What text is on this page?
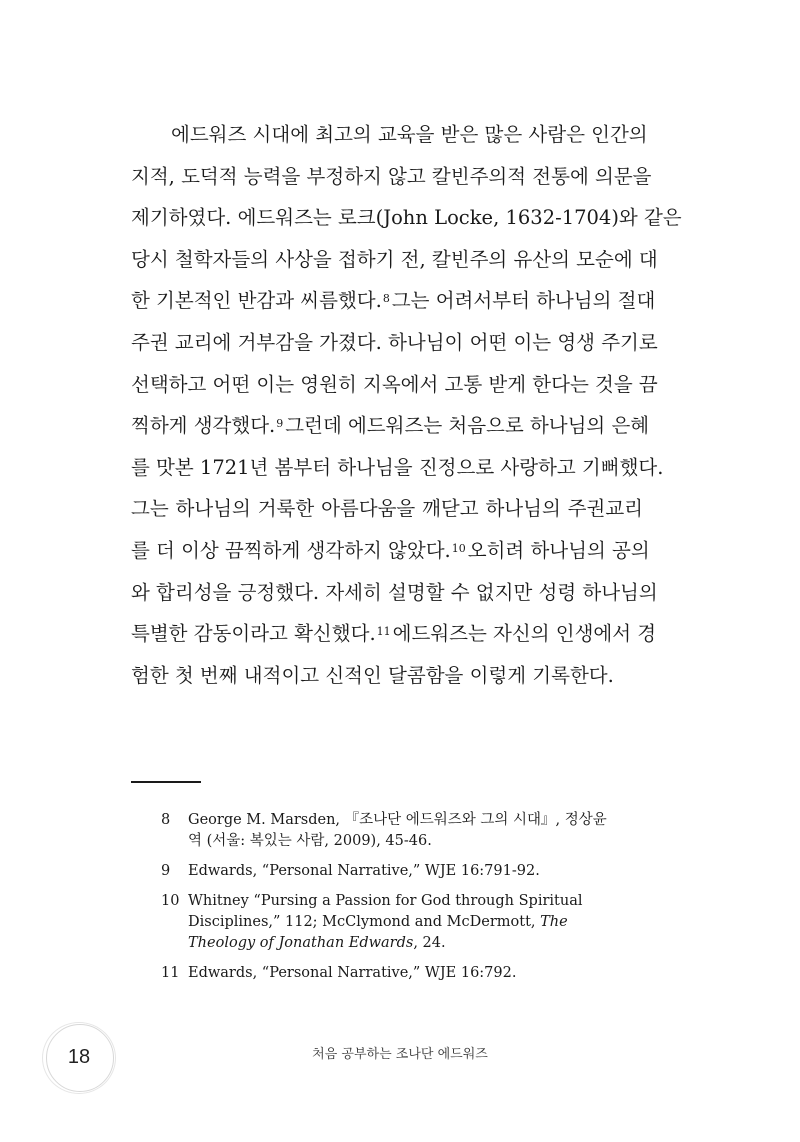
에드워즈 시대에 최고의 교육을 받은 많은 사람은 인간의
지적, 도덕적 능력을 부정하지 않고 칼빈주의적 전통에 의문을
제기하였다. 에드워즈는 로크(John Locke, 1632-1704)와 같은
당시 철학자들의 사상을 접하기 전, 칼빈주의 유산의 모순에 대
한 기본적인 반감과 씨름했다.$^8$ 그는 어려서부터 하나님의 절대
주권 교리에 거부감을 가졌다. 하나님이 어떤 이는 영생 주기로
선택하고 어떤 이는 영원히 지옥에서 고통 받게 한다는 것을 끔
찍하게 생각했다.$^9$ 그런데 에드워즈는 처음으로 하나님의 은혜
를 맛본 1721년 봄부터 하나님을 진정으로 사랑하고 기뻐했다.
그는 하나님의 거룩한 아름다움을 깨닫고 하나님의 주권교리
를 더 이상 끔찍하게 생각하지 않았다.$^{10}$ 오히려 하나님의 공의
와 합리성을 긍정했다. 자세히 설명할 수 없지만 성령 하나님의
특별한 감동이라고 확신했다.$^{11}$ 에드워즈는 자신의 인생에서 경
험한 첫 번째 내적이고 신적인 달콤함을 이렇게 기록한다.
8 George M. Marsden, 『조나단 에드워즈와 그의 시대』, 정상윤 역 (서울: 복있는 사람, 2009), 45-46.
9 Edwards, “Personal Narrative,” WJE 16:791-92.
10 Whitney “Pursing a Passion for God through Spiritual Disciplines,” 112; McClymond and McDermott, The Theology of Jonathan Edwards, 24.
11 Edwards, “Personal Narrative,” WJE 16:792.
18	처음 공부하는 조나단 에드워즈
